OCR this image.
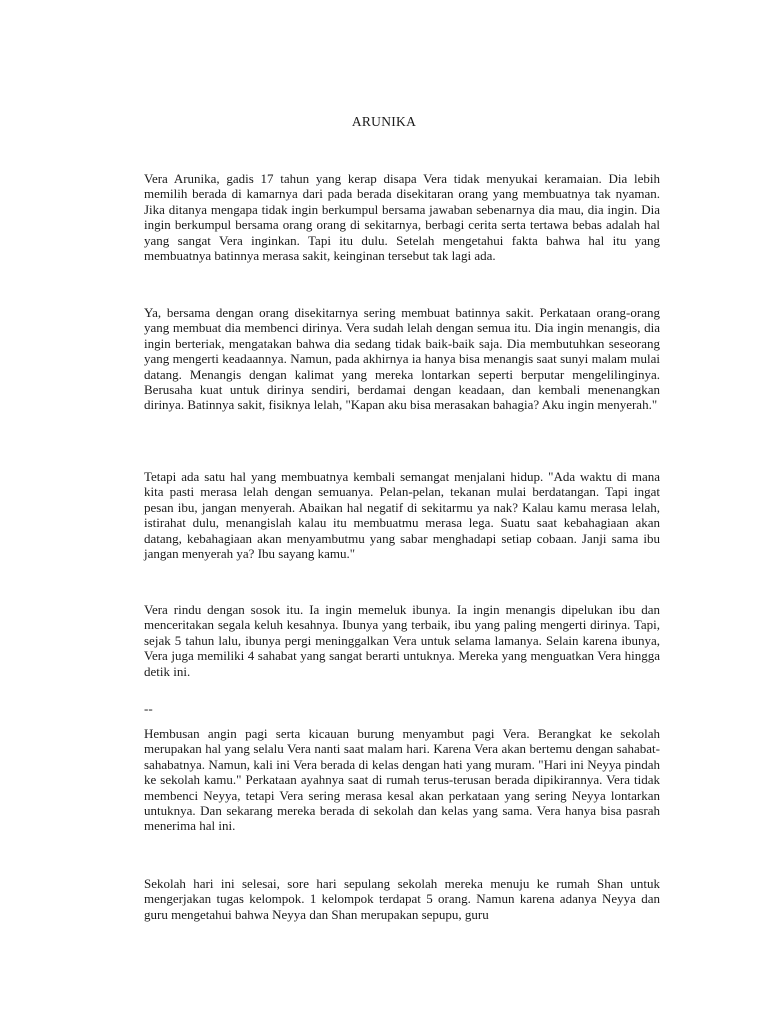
ARUNIKA

Vera Arunika, gadis 17 tahun yang kerap disapa Vera tidak menyukai keramaian. Dia lebih memilih berada di kamarnya dari pada berada disekitaran orang yang membuatnya tak nyaman. Jika ditanya mengapa tidak ingin berkumpul bersama jawaban sebenarnya dia mau, dia ingin. Dia ingin berkumpul bersama orang orang di sekitarnya, berbagi cerita serta tertawa bebas adalah hal yang sangat Vera inginkan. Tapi itu dulu. Setelah mengetahui fakta bahwa hal itu yang membuatnya batinnya merasa sakit, keinginan tersebut tak lagi ada.

Ya, bersama dengan orang disekitarnya sering membuat batinnya sakit. Perkataan orang-orang yang membuat dia membenci dirinya. Vera sudah lelah dengan semua itu. Dia ingin menangis, dia ingin berteriak, mengatakan bahwa dia sedang tidak baik-baik saja. Dia membutuhkan seseorang yang mengerti keadaannya. Namun, pada akhirnya ia hanya bisa menangis saat sunyi malam mulai datang. Menangis dengan kalimat yang mereka lontarkan seperti berputar mengelilinginya. Berusaha kuat untuk dirinya sendiri, berdamai dengan keadaan, dan kembali menenangkan dirinya. Batinnya sakit, fisiknya lelah, "Kapan aku bisa merasakan bahagia? Aku ingin menyerah."

Tetapi ada satu hal yang membuatnya kembali semangat menjalani hidup. "Ada waktu di mana kita pasti merasa lelah dengan semuanya. Pelan-pelan, tekanan mulai berdatangan. Tapi ingat pesan ibu, jangan menyerah. Abaikan hal negatif di sekitarmu ya nak? Kalau kamu merasa lelah, istirahat dulu, menangislah kalau itu membuatmu merasa lega. Suatu saat kebahagiaan akan datang, kebahagiaan akan menyambutmu yang sabar menghadapi setiap cobaan. Janji sama ibu jangan menyerah ya? Ibu sayang kamu."

Vera rindu dengan sosok itu. Ia ingin memeluk ibunya. Ia ingin menangis dipelukan ibu dan menceritakan segala keluh kesahnya. Ibunya yang terbaik, ibu yang paling mengerti dirinya. Tapi, sejak 5 tahun lalu, ibunya pergi meninggalkan Vera untuk selama lamanya. Selain karena ibunya, Vera juga memiliki 4 sahabat yang sangat berarti untuknya. Mereka yang menguatkan Vera hingga detik ini.

--

Hembusan angin pagi serta kicauan burung menyambut pagi Vera. Berangkat ke sekolah merupakan hal yang selalu Vera nanti saat malam hari. Karena Vera akan bertemu dengan sahabat-sahabatnya. Namun, kali ini Vera berada di kelas dengan hati yang muram. "Hari ini Neyya pindah ke sekolah kamu." Perkataan ayahnya saat di rumah terus-terusan berada dipikirannya. Vera tidak membenci Neyya, tetapi Vera sering merasa kesal akan perkataan yang sering Neyya lontarkan untuknya. Dan sekarang mereka berada di sekolah dan kelas yang sama. Vera hanya bisa pasrah menerima hal ini.

Sekolah hari ini selesai, sore hari sepulang sekolah mereka menuju ke rumah Shan untuk mengerjakan tugas kelompok. 1 kelompok terdapat 5 orang. Namun karena adanya Neyya dan guru mengetahui bahwa Neyya dan Shan merupakan sepupu, guru
